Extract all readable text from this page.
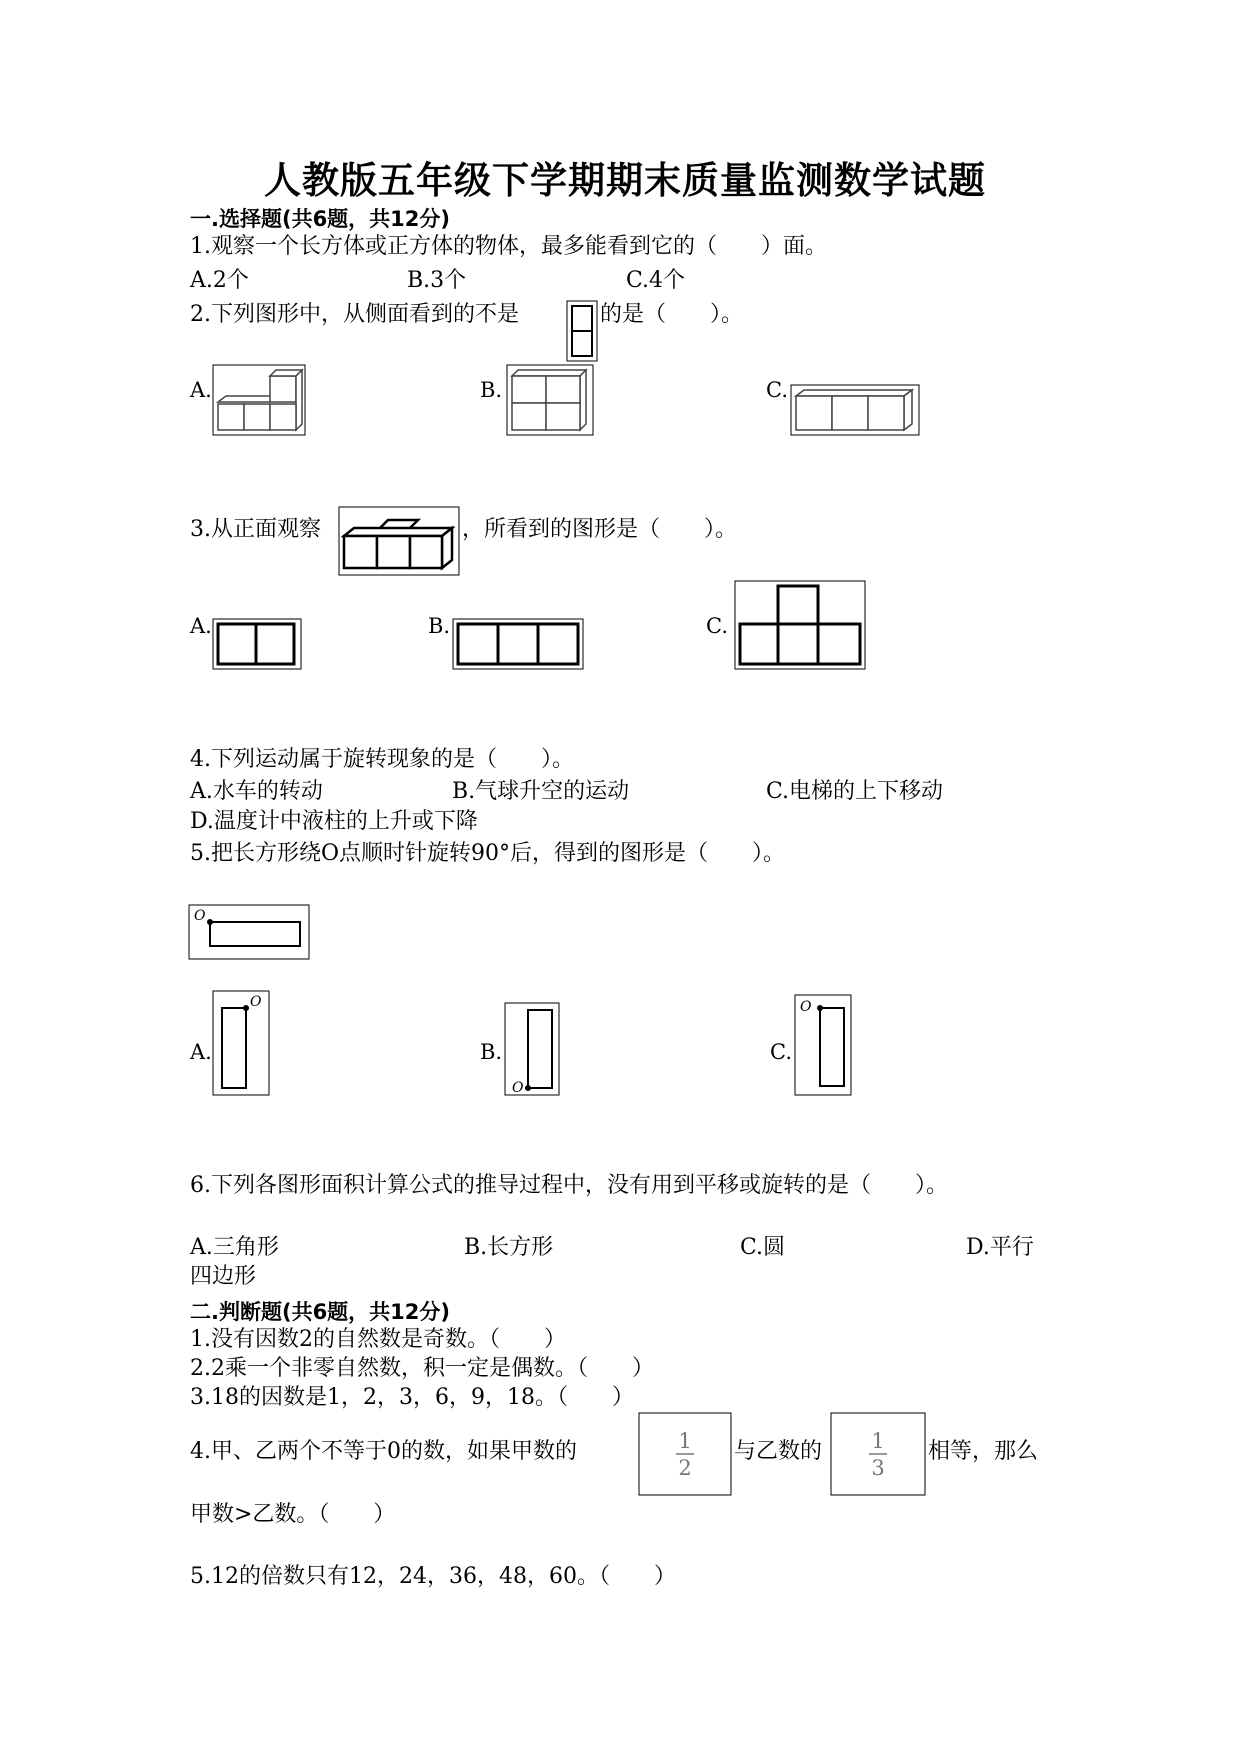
人教版五年级下学期期末质量监测数学试题
一.选择题(共6题，共12分)
1.观察一个长方体或正方体的物体，最多能看到它的（　　）面。
A.2个	B.3个	C.4个
2.下列图形中，从侧面看到的不是	的是（　　）。
A.	B.	C.
3.从正面观察	，所看到的图形是（　　）。
A.	B.	C.
4.下列运动属于旋转现象的是（　　）。
A.水车的转动	B.气球升空的运动	C.电梯的上下移动
D.温度计中液柱的上升或下降
5.把长方形绕O点顺时针旋转90°后，得到的图形是（　　）。
O
A.
O
B.
O
C.
O
6.下列各图形面积计算公式的推导过程中，没有用到平移或旋转的是（　　）。
A.三角形	B.长方形	C.圆	D.平行
四边形
二.判断题(共6题，共12分)
1.没有因数2的自然数是奇数。（　　）
2.2乘一个非零自然数，积一定是偶数。（　　）
3.18的因数是1，2，3，6，9，18。（　　）
4.甲、乙两个不等于0的数，如果甲数的	1
2
与乙数的 1
3
相等，那么
甲数>乙数。（　　）
5.12的倍数只有12，24，36，48，60。（　　）
